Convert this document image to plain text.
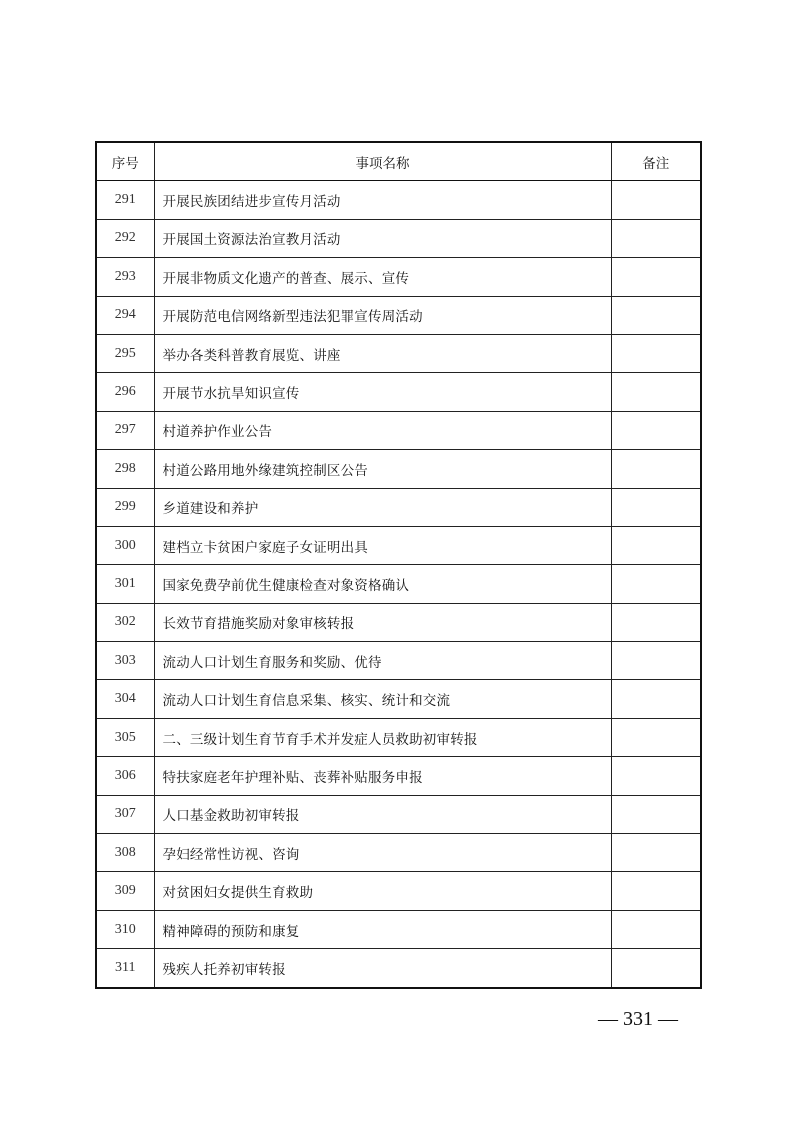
序号	事项名称	备注
291	开展民族团结进步宣传月活动	
292	开展国土资源法治宣教月活动	
293	开展非物质文化遗产的普查、展示、宣传	
294	开展防范电信网络新型违法犯罪宣传周活动	
295	举办各类科普教育展览、讲座	
296	开展节水抗旱知识宣传	
297	村道养护作业公告	
298	村道公路用地外缘建筑控制区公告	
299	乡道建设和养护	
300	建档立卡贫困户家庭子女证明出具	
301	国家免费孕前优生健康检查对象资格确认	
302	长效节育措施奖励对象审核转报	
303	流动人口计划生育服务和奖励、优待	
304	流动人口计划生育信息采集、核实、统计和交流	
305	二、三级计划生育节育手术并发症人员救助初审转报	
306	特扶家庭老年护理补贴、丧葬补贴服务申报	
307	人口基金救助初审转报	
308	孕妇经常性访视、咨询	
309	对贫困妇女提供生育救助	
310	精神障碍的预防和康复	
311	残疾人托养初审转报	
— 331 —
